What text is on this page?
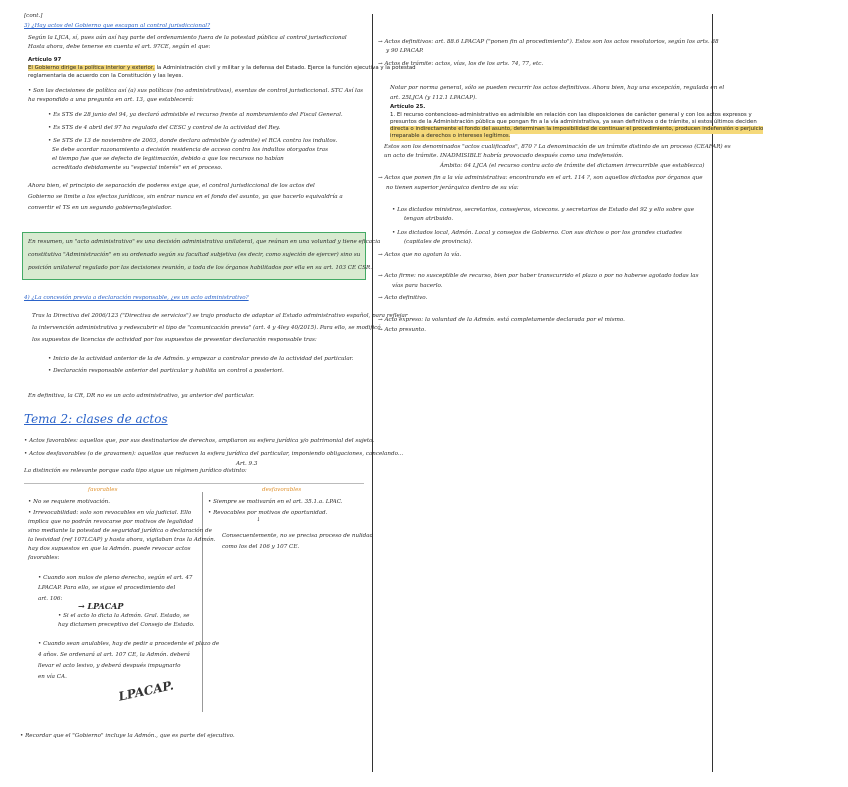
[cont.]
3) ¿Hay actos del Gobierno que escapan al control jurisdiccional?
Según la LJCA, sí, pues aún así hay parte del ordenamiento fuera de la potestad pública al control jurisdiccional
Hasta ahora, debe tenerse en cuenta el art. 97CE, según el que:
Artículo 97
El Gobierno dirige la política interior y exterior, la Administración civil y militar y la defensa del Estado. Ejerce la función ejecutiva y la potestad
reglamentaria de acuerdo con la Constitución y las leyes.
• Son las decisiones de política así (a) sus políticas (no administrativas), exentas de control jurisdiccional. STC Así las
ha respondido a una pregunta en art. 13, que establecerá:
• Es STS de 28 junio del 94, ya declaró admisible el recurso frente al nombramiento del Fiscal General.
• Es STS de 4 abril del 97 ha regulado del CESC y control de la actividad del Rey.
• Se STS de 13 de noviembre de 2003, donde declara admisible (y admite) el RCA contra los indultos.
Se debe acordar razonamiento a decisión residencia de acceso contra los indultos otorgados tras
el tiempo fue que se defecto de legitimación, debido a que los recursos no habían
acreditado debidamente su "especial interés" en el proceso.
Ahora bien, el principio de separación de poderes exige que, el control jurisdiccional de los actos del
Gobierno se limite a los efectos jurídicos, sin entrar nunca en el fondo del asunto, ya que hacerlo equivaldría a
convertir el TS en un segundo gobierno/legislador.
En resumen, un "acto administrativo" es una decisión administrativa unilateral, que reúnan en una voluntad y tiene eficacia
constitutiva "Administración" en su ordenado según su facultad subjetiva (es decir, como sujeción de ejercer) sino su
posición unilateral regulado por las decisiones reunión, a toda de los órganos habilitados por ella en su art. 103 CE CSR.
4) ¿La concesión previa a declaración responsable, ¿es un acto administrativo?
Tras la Directiva del 2006/123 ("Directiva de servicios") se trajo producto de adaptar al Estado administrativo español, para reflejar
la intervención administrativa y redescubrir el tipo de "comunicación previa" (art. 4 y 4ley 40/2015). Para ello, se modificó
los supuestos de licencias de actividad por los supuestos de presentar declaración responsable tras:
• Inicio de la actividad anterior de la de Admón. y empezar a controlar previo de la actividad del particular.
• Declaración responsable anterior del particular y habilita un control a posteriori.
En definitiva, la CR, DR no es un acto administrativo, ya anterior del particular.
Tema 2: clases de actos
• Actos favorables: aquellos que, por sus destinatarios de derechos, ampliaron su esfera jurídica y/o patrimonial del sujeto.
• Actos desfavorables (o de gravamen): aquellos que reducen la esfera jurídica del particular, imponiendo obligaciones, cancelando...
Art. 9.3
La distinción es relevante porque cada tipo sigue un régimen jurídico distinto:
favorables	desfavorables
• No se requiere motivación.
• Irrevocabilidad: solo son revocables en vía judicial. Ello
implica que no podrán revocarse por motivos de legalidad
sino mediante la potestad de seguridad jurídica o declaración de
la lesividad (ref 107LCAP) y hasta ahora, vigilaban tras la Admón.
hay dos supuestos en que la Admón. puede revocar actos
favorables:
• Cuando son nulos de pleno derecho, según el art. 47
LPACAP. Para ello, se sigue el procedimiento del
art. 106:
→ LPACAP
• Si el acto lo dicta la Admón. Gral. Estado, se
hay dictamen preceptivo del Consejo de Estado.
• Cuando sean anulables, hay de pedir a procedente el plazo de
4 años. Se ordenará al art. 107 CE, la Admón. deberá
llevar el acto lesivo, y deberá después impugnarlo
en vía CA.
LPACAP.
• Siempre se motivarán en el art. 35.1.a. LPAC.
• Revocables por motivos de oportunidad.
↓
Consecuentemente, no se precisa proceso de nulidad
como los del 106 y 107 CE.
• Recordar que el "Gobierno" incluye la Admón., que es parte del ejecutivo.
→ Actos definitivos: art. 88.6 LPACAP ("ponen fin al procedimiento"). Estos son los actos resolutorios, según los arts. 88
y 90 LPACAP.
→ Actos de trámite: actos, vías, los de los arts. 74, 77, etc.
Notar por norma general, sólo se pueden recurrir los actos definitivos. Ahora bien, hay una excepción, regulada en el
art. 25LJCA (y 112.1 LPACAP).
Artículo 25.
1. El recurso contencioso-administrativo es admisible en relación con las disposiciones de carácter general y con los actos expresos y
presuntos de la Administración pública que pongan fin a la vía administrativa, ya sean definitivos o de trámite, si estos últimos deciden
directa o indirectamente el fondo del asunto, determinan la imposibilidad de continuar el procedimiento, producen indefensión o perjuicio
irreparable a derechos o intereses legítimos.
Estos son los denominados "actos cualificados", 870 ? La denominación de un trámite distinto de un proceso (CEAFAR) es
un acto de trámite. INADMISIBLE habría provocado después como una indefensión.
Ámbito: 64 LJCA (el recurso contra acto de trámite del dictamen irrecurrible que establezca)
→ Actos que ponen fin a la vía administrativa: encontrando en el art. 114 ?, son aquellos dictados por órganos que
no tienen superior jerárquico dentro de su vía:
• Los dictados ministros, secretarios, consejeros, vicecons. y secretarios de Estado del 92 y ello sobre que
tengan atribuido.
• Los dictados local, Admón. Local y consejos de Gobierno. Con sus dichos o por los grandes ciudades
(capitales de provincia).
→ Actos que no agotan la vía.
→ Acto firme: no susceptible de recurso, bien por haber transcurrido el plazo o por no haberse agotado todas las
vías para hacerlo.
→ Acto definitivo.
→ Acto expreso: la voluntad de la Admón. está completamente declarada por el mismo.
→ Acto presunto.
